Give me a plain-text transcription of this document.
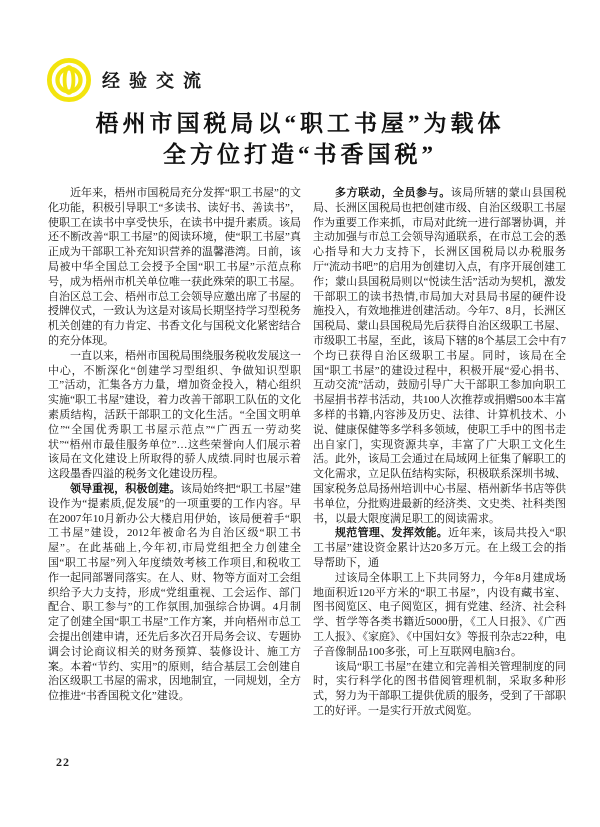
经验交流
梧州市国税局以“职工书屋”为载体
全方位打造“书香国税”

近年来，梧州市国税局充分发挥“职工书屋”的文化功能，积极引导职工“多读书、读好书、善读书”，使职工在读书中享受快乐，在读书中提升素质。该局还不断改善“职工书屋”的阅读环境，使“职工书屋”真正成为干部职工补充知识营养的温馨港湾。日前，该局被中华全国总工会授予全国“职工书屋”示范点称号，成为梧州市机关单位唯一获此殊荣的职工书屋。自治区总工会、梧州市总工会领导应邀出席了书屋的授牌仪式，一致认为这是对该局长期坚持学习型税务机关创建的有力肯定、书香文化与国税文化紧密结合的充分体现。

一直以来，梧州市国税局围绕服务税收发展这一中心，不断深化“创建学习型组织、争做知识型职工”活动，汇集各方力量，增加资金投入，精心组织实施“职工书屋”建设，着力改善干部职工队伍的文化素质结构，活跃干部职工的文化生活。“全国文明单位”“全国优秀职工书屋示范点”“广西五一劳动奖状”“梧州市最佳服务单位”…这些荣誉向人们展示着该局在文化建设上所取得的骄人成绩.同时也展示着这段墨香四溢的税务文化建设历程。

领导重视，积极创建。该局始终把“职工书屋”建设作为“提素质,促发展”的一项重要的工作内容。早在2007年10月新办公大楼启用伊始，该局便着手“职工书屋”建设，2012年被命名为自治区级“职工书屋”。在此基础上,今年初,市局党组把全力创建全国“职工书屋”列入年度绩效考核工作项目,和税收工作一起同部署同落实。在人、财、物等方面对工会组织给予大力支持，形成“党组重视、工会运作、部门配合、职工参与”的工作氛围,加强综合协调。4月制定了创建全国“职工书屋”工作方案，并向梧州市总工会提出创建申请，还先后多次召开局务会议、专题协调会讨论商议相关的财务预算、装修设计、施工方案。本着“节约、实用”的原则，结合基层工会创建自治区级职工书屋的需求，因地制宜，一同规划，全方位推进“书香国税文化”建设。

多方联动，全员参与。该局所辖的蒙山县国税局、长洲区国税局也把创建市级、自治区级职工书屋作为重要工作来抓，市局对此统一进行部署协调，并主动加强与市总工会领导沟通联系，在市总工会的悉心指导和大力支持下，长洲区国税局以办税服务厅“流动书吧”的启用为创建切入点，有序开展创建工作；蒙山县国税局则以“悦读生活”活动为契机，激发干部职工的读书热情,市局加大对县局书屋的硬件设施投入，有效地推进创建活动。今年7、8月，长洲区国税局、蒙山县国税局先后获得自治区级职工书屋、市级职工书屋，至此，该局下辖的8个基层工会中有7个均已获得自治区级职工书屋。同时，该局在全国“职工书屋”的建设过程中，积极开展“爱心捐书、互动交流”活动，鼓励引导广大干部职工参加向职工书屋捐书荐书活动，共100人次推荐或捐赠500本丰富多样的书籍,内容涉及历史、法律、计算机技术、小说、健康保健等多学科多领域，使职工手中的图书走出自家门，实现资源共享，丰富了广大职工文化生活。此外，该局工会通过在局域网上征集了解职工的文化需求，立足队伍结构实际，积极联系深圳书城、国家税务总局扬州培训中心书屋、梧州新华书店等供书单位，分批购进最新的经济类、文史类、社科类图书，以最大限度满足职工的阅读需求。

规范管理、发挥效能。近年来，该局共投入“职工书屋”建设资金累计达20多万元。在上级工会的指导帮助下，通

过该局全体职工上下共同努力，今年8月建成场地面积近120平方米的“职工书屋”，内设有藏书室、图书阅览区、电子阅览区，拥有党建、经济、社会科学、哲学等各类书籍近5000册，《工人日报》、《广西工人报》、《家庭》、《中国妇女》等报刊杂志22种，电子音像制品100多张，可上互联网电脑3台。

该局“职工书屋”在建立和完善相关管理制度的同时，实行科学化的图书借阅管理机制，采取多种形式，努力为干部职工提供优质的服务，受到了干部职工的好评。一是实行开放式阅览。

22
